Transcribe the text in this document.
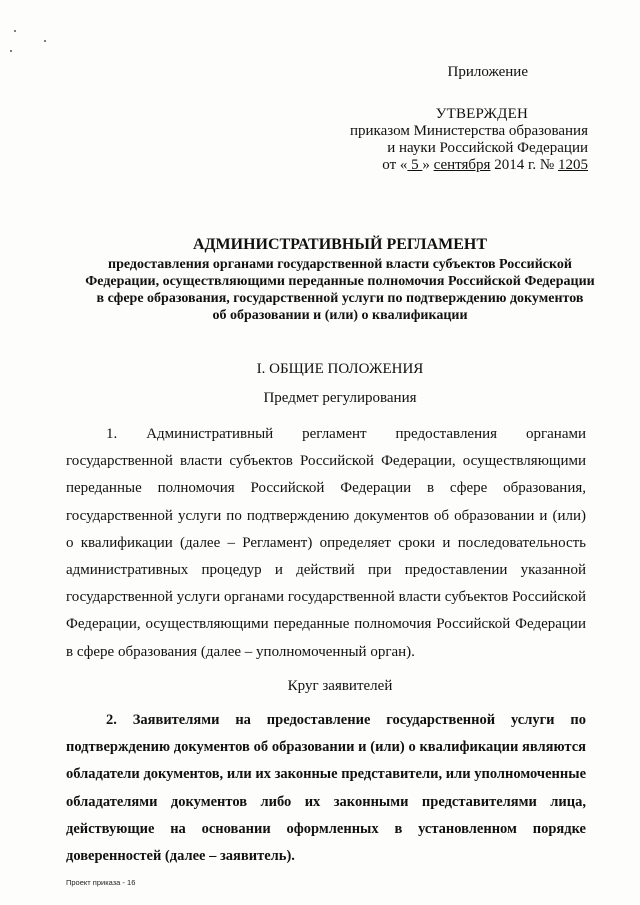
Приложение
УТВЕРЖДЕН
приказом Министерства образования
и науки Российской Федерации
от « 5 » сентября 2014 г. № 1205
АДМИНИСТРАТИВНЫЙ РЕГЛАМЕНТ
предоставления органами государственной власти субъектов Российской
Федерации, осуществляющими переданные полномочия Российской Федерации
в сфере образования, государственной услуги по подтверждению документов
об образовании и (или) о квалификации
I. ОБЩИЕ ПОЛОЖЕНИЯ
Предмет регулирования

1. Административный регламент предоставления органами государственной власти субъектов Российской Федерации, осуществляющими переданные полномочия Российской Федерации в сфере образования, государственной услуги по подтверждению документов об образовании и (или) о квалификации (далее – Регламент) определяет сроки и последовательность административных процедур и действий при предоставлении указанной государственной услуги органами государственной власти субъектов Российской Федерации, осуществляющими переданные полномочия Российской Федерации в сфере образования (далее – уполномоченный орган).

Круг заявителей

2. Заявителями на предоставление государственной услуги по подтверждению документов об образовании и (или) о квалификации являются обладатели документов, или их законные представители, или уполномоченные обладателями документов либо их законными представителями лица, действующие на основании оформленных в установленном порядке доверенностей (далее – заявитель).

Проект приказа - 16
